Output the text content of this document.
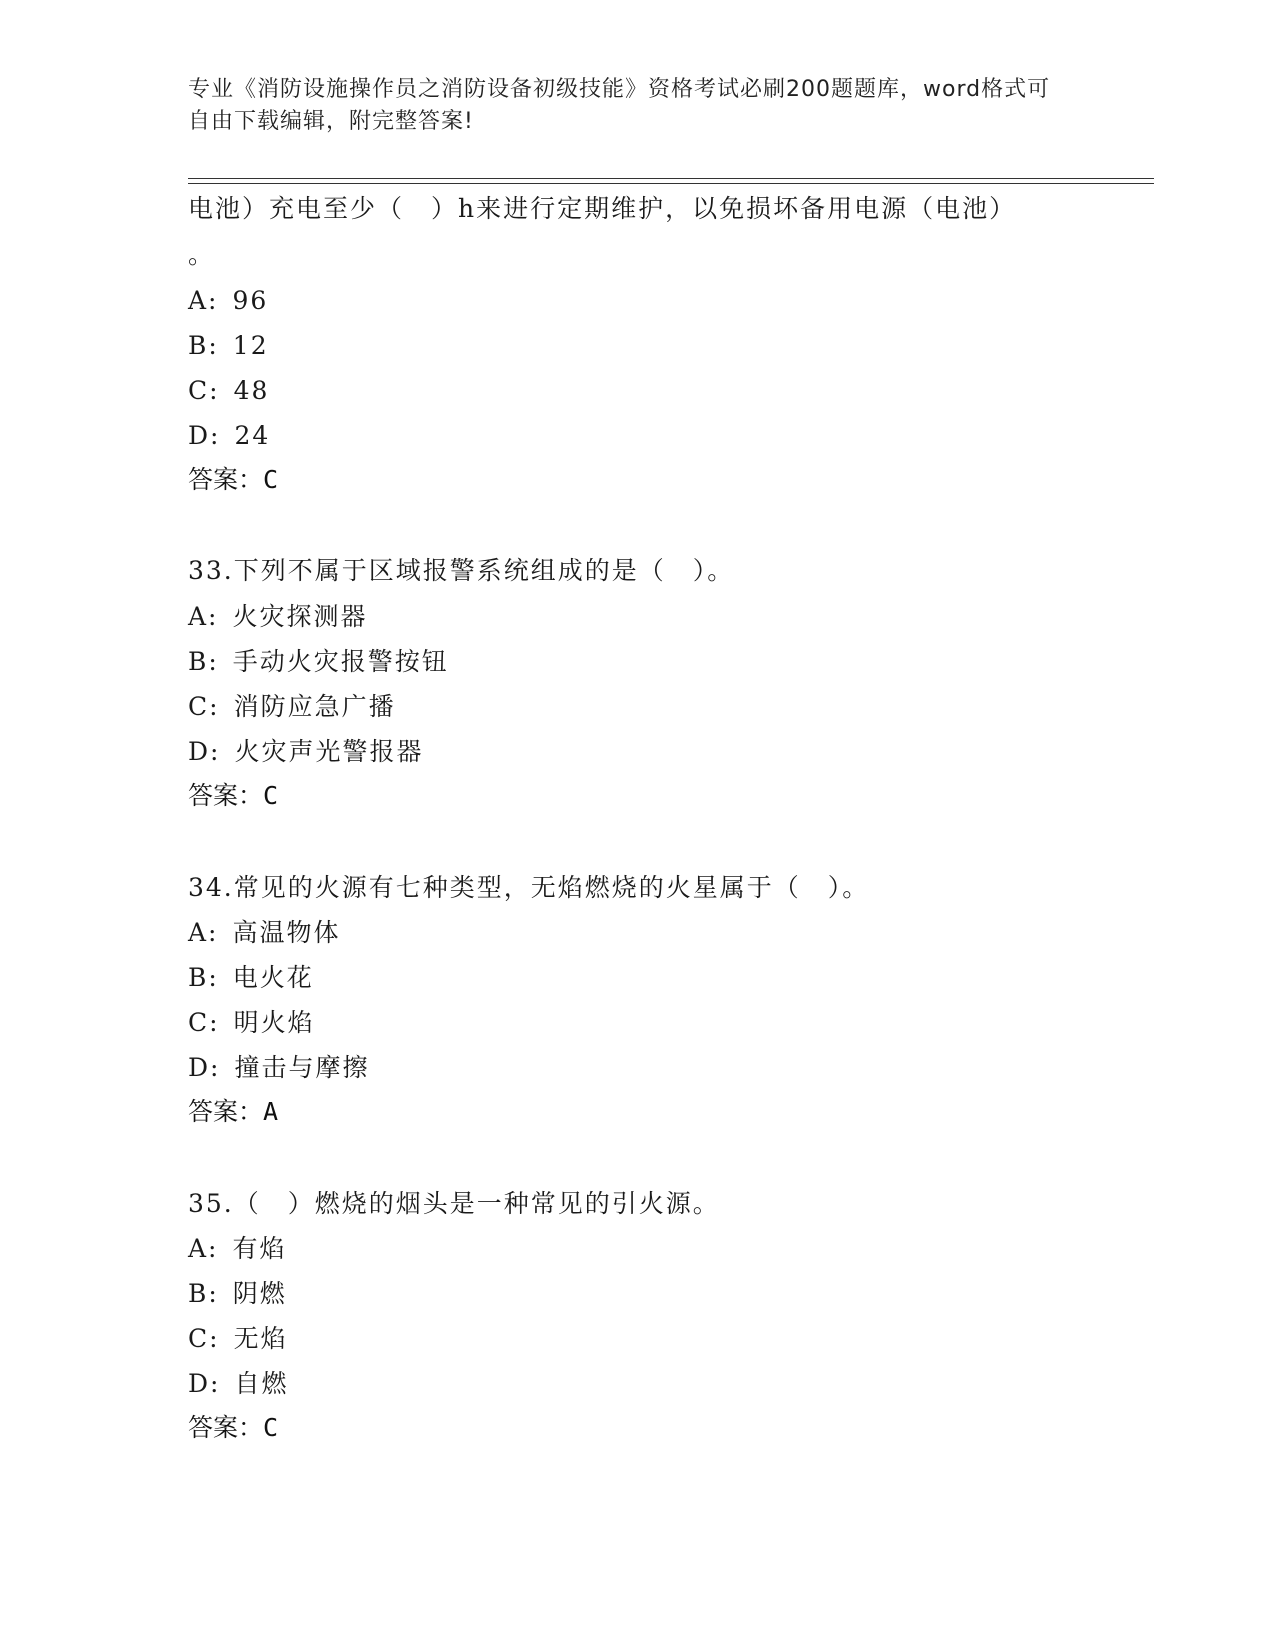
专业《消防设施操作员之消防设备初级技能》资格考试必刷200题题库，word格式可自由下载编辑，附完整答案!
电池）充电至少（　）h来进行定期维护，以免损坏备用电源（电池）
。
A: 96
B: 12
C: 48
D: 24
答案：C
33.下列不属于区域报警系统组成的是（　）。
A: 火灾探测器
B: 手动火灾报警按钮
C: 消防应急广播
D: 火灾声光警报器
答案：C
34.常见的火源有七种类型，无焰燃烧的火星属于（　）。
A: 高温物体
B: 电火花
C: 明火焰
D: 撞击与摩擦
答案：A
35.（　）燃烧的烟头是一种常见的引火源。
A: 有焰
B: 阴燃
C: 无焰
D: 自燃
答案：C
